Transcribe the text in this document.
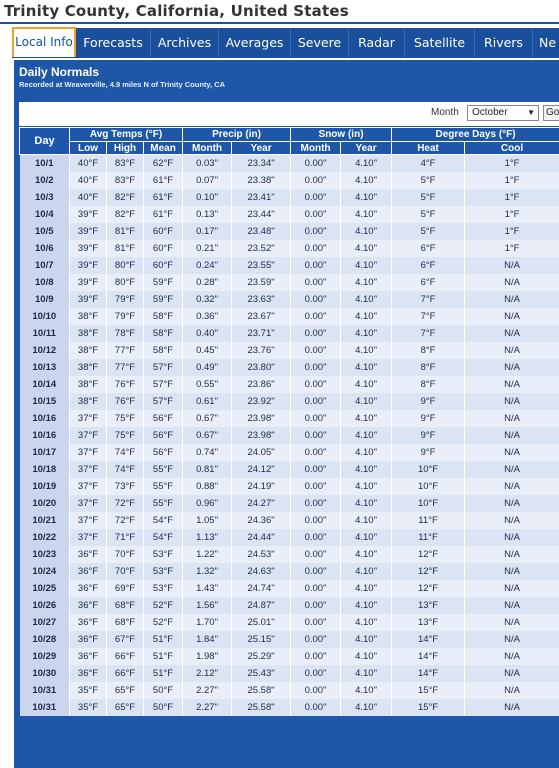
Trinity County, California, United States
Local Info Forecasts	Archives	Averages	Severe	Radar	Satellite	Rivers	Ne
Daily Normals
Recorded at Weaverville, 4.9 miles N of Trinity County, CA
Month	October ▼	Go
Day	Avg Temps (°F)			Precip (in)		Snow (in)		Degree Days (°F)	
	Low	High	Mean	Month	Year	Month	Year	Heat	Cool
10/1	40°F	83°F	62°F	0.03"	23.34"	0.00"	4.10"	4°F	1°F
10/2	40°F	83°F	61°F	0.07"	23.38"	0.00"	4.10"	5°F	1°F
10/3	40°F	82°F	61°F	0.10"	23.41"	0.00"	4.10"	5°F	1°F
10/4	39°F	82°F	61°F	0.13"	23.44"	0.00"	4.10"	5°F	1°F
10/5	39°F	81°F	60°F	0.17"	23.48"	0.00"	4.10"	5°F	1°F
10/6	39°F	81°F	60°F	0.21"	23.52"	0.00"	4.10"	6°F	1°F
10/7	39°F	80°F	60°F	0.24"	23.55"	0.00"	4.10"	6°F	N/A
10/8	39°F	80°F	59°F	0.28"	23.59"	0.00"	4.10"	6°F	N/A
10/9	39°F	79°F	59°F	0.32"	23.63"	0.00"	4.10"	7°F	N/A
10/10	38°F	79°F	58°F	0.36"	23.67"	0.00"	4.10"	7°F	N/A
10/11	38°F	78°F	58°F	0.40"	23.71"	0.00"	4.10"	7°F	N/A
10/12	38°F	77°F	58°F	0.45"	23.76"	0.00"	4.10"	8°F	N/A
10/13	38°F	77°F	57°F	0.49"	23.80"	0.00"	4.10"	8°F	N/A
10/14	38°F	76°F	57°F	0.55"	23.86"	0.00"	4.10"	8°F	N/A
10/15	38°F	76°F	57°F	0.61"	23.92"	0.00"	4.10"	9°F	N/A
10/16	37°F	75°F	56°F	0.67"	23.98"	0.00"	4.10"	9°F	N/A
10/16	37°F	75°F	56°F	0.67"	23.98"	0.00"	4.10"	9°F	N/A
10/17	37°F	74°F	56°F	0.74"	24.05"	0.00"	4.10"	9°F	N/A
10/18	37°F	74°F	55°F	0.81"	24.12"	0.00"	4.10"	10°F	N/A
10/19	37°F	73°F	55°F	0.88"	24.19"	0.00"	4.10"	10°F	N/A
10/20	37°F	72°F	55°F	0.96"	24.27"	0.00"	4.10"	10°F	N/A
10/21	37°F	72°F	54°F	1.05"	24.36"	0.00"	4.10"	11°F	N/A
10/22	37°F	71°F	54°F	1.13"	24.44"	0.00"	4.10"	11°F	N/A
10/23	36°F	70°F	53°F	1.22"	24.53"	0.00"	4.10"	12°F	N/A
10/24	36°F	70°F	53°F	1.32"	24.63"	0.00"	4.10"	12°F	N/A
10/25	36°F	69°F	53°F	1.43"	24.74"	0.00"	4.10"	12°F	N/A
10/26	36°F	68°F	52°F	1.56"	24.87"	0.00"	4.10"	13°F	N/A
10/27	36°F	68°F	52°F	1.70"	25.01"	0.00"	4.10"	13°F	N/A
10/28	36°F	67°F	51°F	1.84"	25.15"	0.00"	4.10"	14°F	N/A
10/29	36°F	66°F	51°F	1.98"	25.29"	0.00"	4.10"	14°F	N/A
10/30	36°F	66°F	51°F	2.12"	25.43"	0.00"	4.10"	14°F	N/A
10/31	35°F	65°F	50°F	2.27"	25.58"	0.00"	4.10"	15°F	N/A
10/31	35°F	65°F	50°F	2.27"	25.58"	0.00"	4.10"	15°F	N/A
